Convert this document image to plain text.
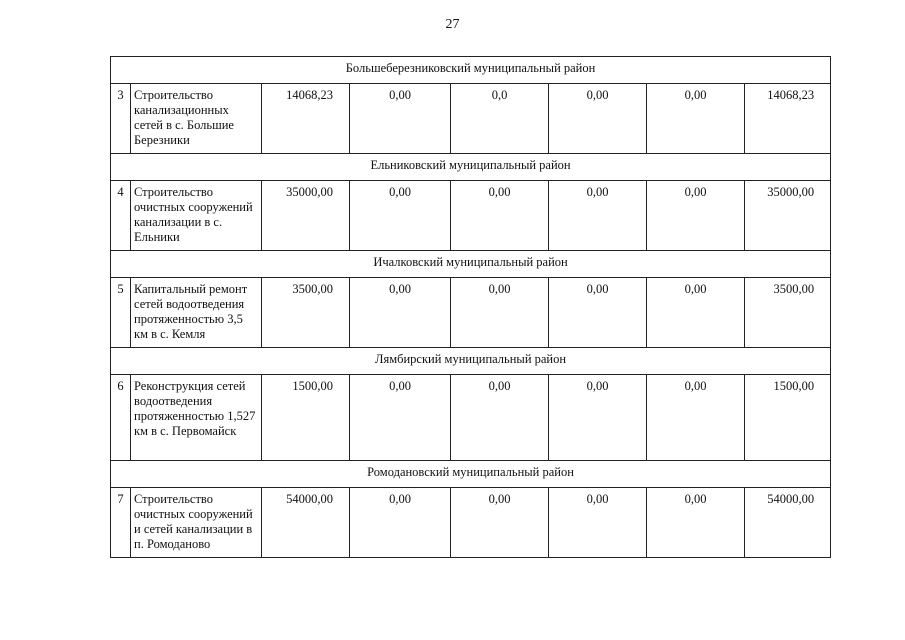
27
Большеберезниковский муниципальный район							
3	Строительство канализационных сетей в с. Большие Березники	14068,23	0,00	0,0	0,00	0,00	14068,23
Ельниковский муниципальный район							
4	Строительство очистных сооружений канализации в с. Ельники	35000,00	0,00	0,00	0,00	0,00	35000,00
Ичалковский муниципальный район							
5	Капитальный ремонт сетей водоотведения протяженностью 3,5 км в с. Кемля	3500,00	0,00	0,00	0,00	0,00	3500,00
Лямбирский муниципальный район							
6	Реконструкция сетей водоотведения протяженностью 1,527 км в с. Первомайск	1500,00	0,00	0,00	0,00	0,00	1500,00
Ромодановский муниципальный район							
7	Строительство очистных сооружений и сетей канализации в п. Ромоданово	54000,00	0,00	0,00	0,00	0,00	54000,00
